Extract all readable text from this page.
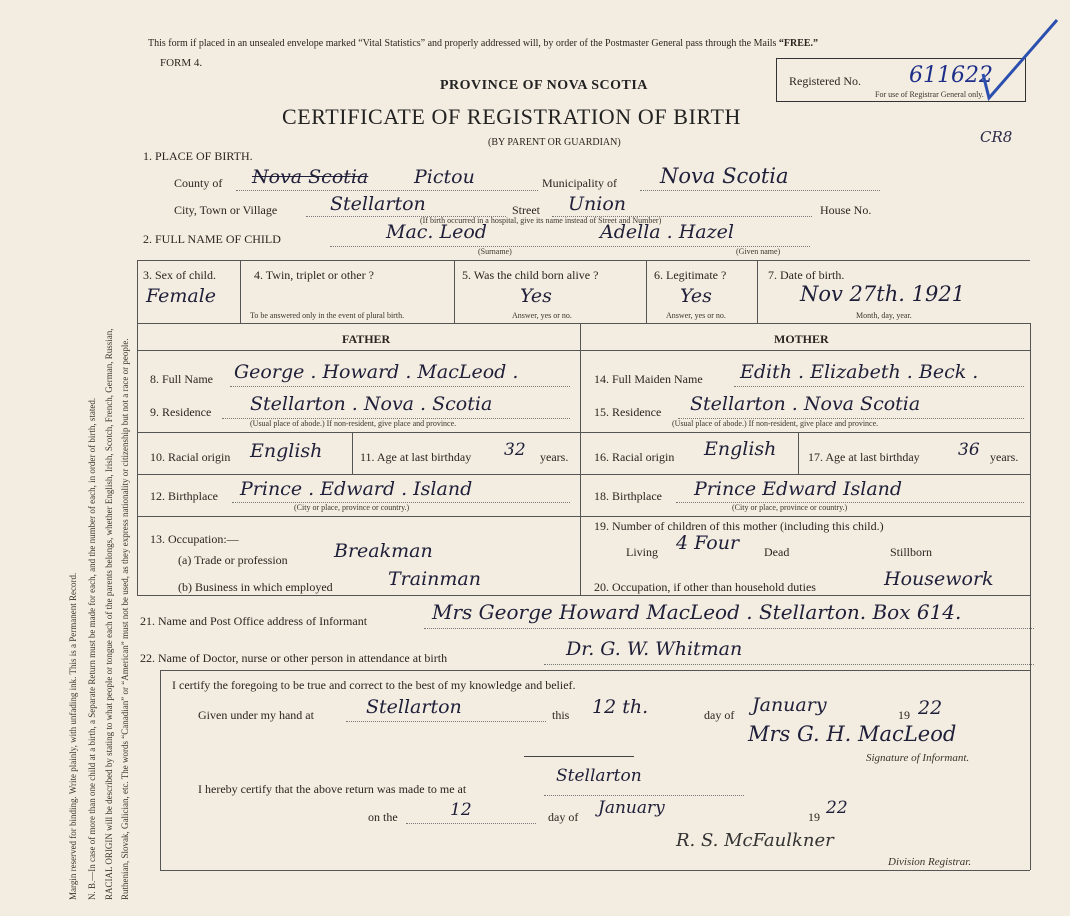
Margin reserved for binding. Write plainly, with unfading ink. This is a Permanent Record. N. B.—In case of more than one child at a birth, a Separate Return must be made for each, and the number of each, in order of birth, stated. RACIAL ORIGIN will be described by stating to what people or tongue each of the parents belongs, whether English, Irish, Scotch, French, German, Russian, Ruthenian, Slovak, Galician, etc. The words “Canadian” or “American” must not be used, as they express nationality or citizenship but not a race or people.
This form if placed in an unsealed envelope marked “Vital Statistics” and properly addressed will, by order of the Postmaster General pass through the Mails “FREE.”
FORM 4.
Registered No. 611622
For use of Registrar General only.
CR8
PROVINCE OF NOVA SCOTIA
CERTIFICATE OF REGISTRATION OF BIRTH
(BY PARENT OR GUARDIAN)
1. PLACE OF BIRTH.
County of Nova Scotia Pictou	Municipality of Nova Scotia
City, Town or Village	Stellarton	Street Union	House No.
(If birth occurred in a hospital, give its name instead of Street and Number)
2. FULL NAME OF CHILD	Mac. Leod	Adella . Hazel
(Surname)	(Given name)
3. Sex of child.
Female
4. Twin, triplet or other ?
To be answered only in the event of plural birth.
5. Was the child born alive ?
Yes
Answer, yes or no.
6. Legitimate ?
Yes
Answer, yes or no.
7. Date of birth.
Nov 27th. 1921
Month, day, year.
FATHER	MOTHER
8. Full Name George . Howard . MacLeod .
9. Residence Stellarton . Nova . Scotia
(Usual place of abode.) If non-resident, give place and province.
10. Racial origin English	11. Age at last birthday 32 years.
12. Birthplace Prince . Edward . Island
(City or place, province or country.)
13. Occupation:—
(a) Trade or profession Breakman
(b) Business in which employed	Trainman
14. Full Maiden Name Edith . Elizabeth . Beck .
15. Residence Stellarton . Nova Scotia
(Usual place of abode.) If non-resident, give place and province.
16. Racial origin English	17. Age at last birthday 36 years.
18. Birthplace Prince Edward Island
(City or place, province or country.)
19. Number of children of this mother (including this child.)
Living 4 Four Dead	Stillborn
20. Occupation, if other than household duties	Housework
21. Name and Post Office address of Informant	Mrs George Howard MacLeod . Stellarton. Box 614.
22. Name of Doctor, nurse or other person in attendance at birth	Dr. G. W. Whitman
I certify the foregoing to be true and correct to the best of my knowledge and belief.
Given under my hand at	Stellarton	this 12 th.	day of January	19 22
Mrs G. H. MacLeod
Signature of Informant.
I hereby certify that the above return was made to me at
Stellarton
on the	12	day of January	19 22
R. S. McFaulkner
Division Registrar.
